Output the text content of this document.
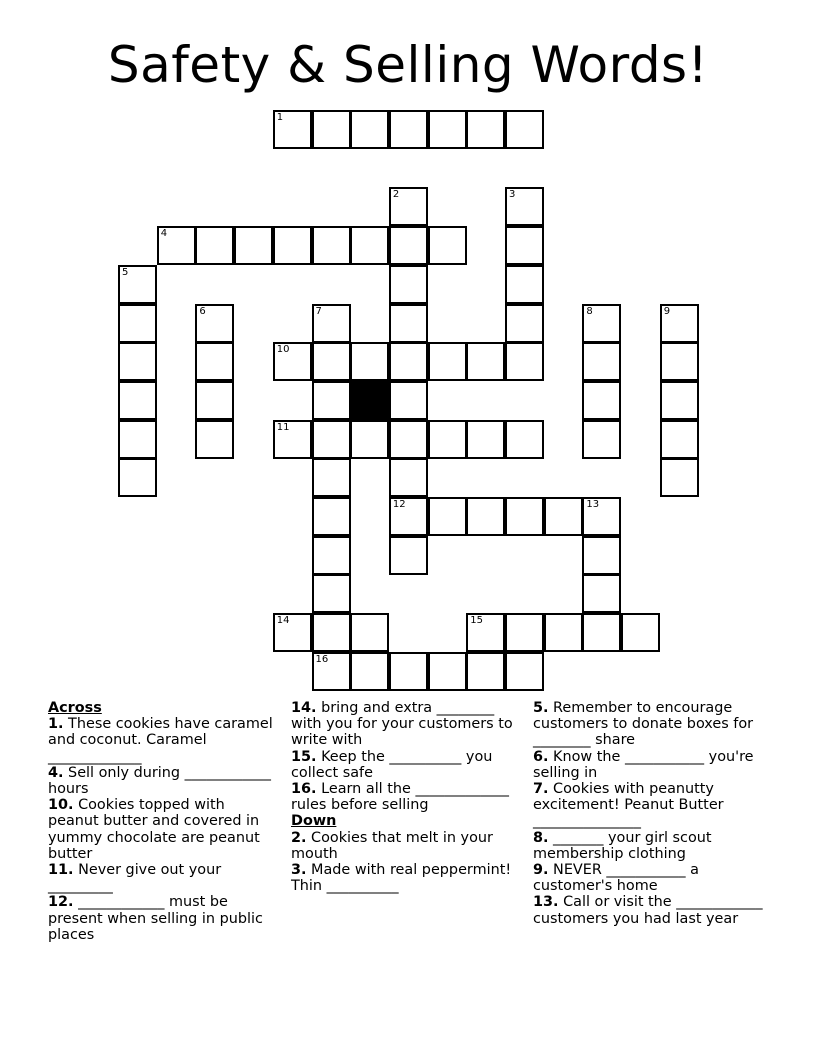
Safety & Selling Words!
1
2	3
4
5
6	7	8	9
10
11
12	13
14	15
16
Across
1. These cookies have caramel and coconut. Caramel _____________
4. Sell only during ____________ hours
10. Cookies topped with peanut butter and covered in yummy chocolate are peanut butter
11. Never give out your _________
12. ____________ must be present when selling in public places
14. bring and extra ________ with you for your customers to write with
15. Keep the __________ you collect safe
16. Learn all the _____________ rules before selling
Down
2. Cookies that melt in your mouth
3. Made with real peppermint! Thin __________
5. Remember to encourage customers to donate boxes for ________ share
6. Know the ___________ you're selling in
7. Cookies with peanutty excitement! Peanut Butter _______________
8. _______ your girl scout membership clothing
9. NEVER ___________ a customer's home
13. Call or visit the ____________ customers you had last year
